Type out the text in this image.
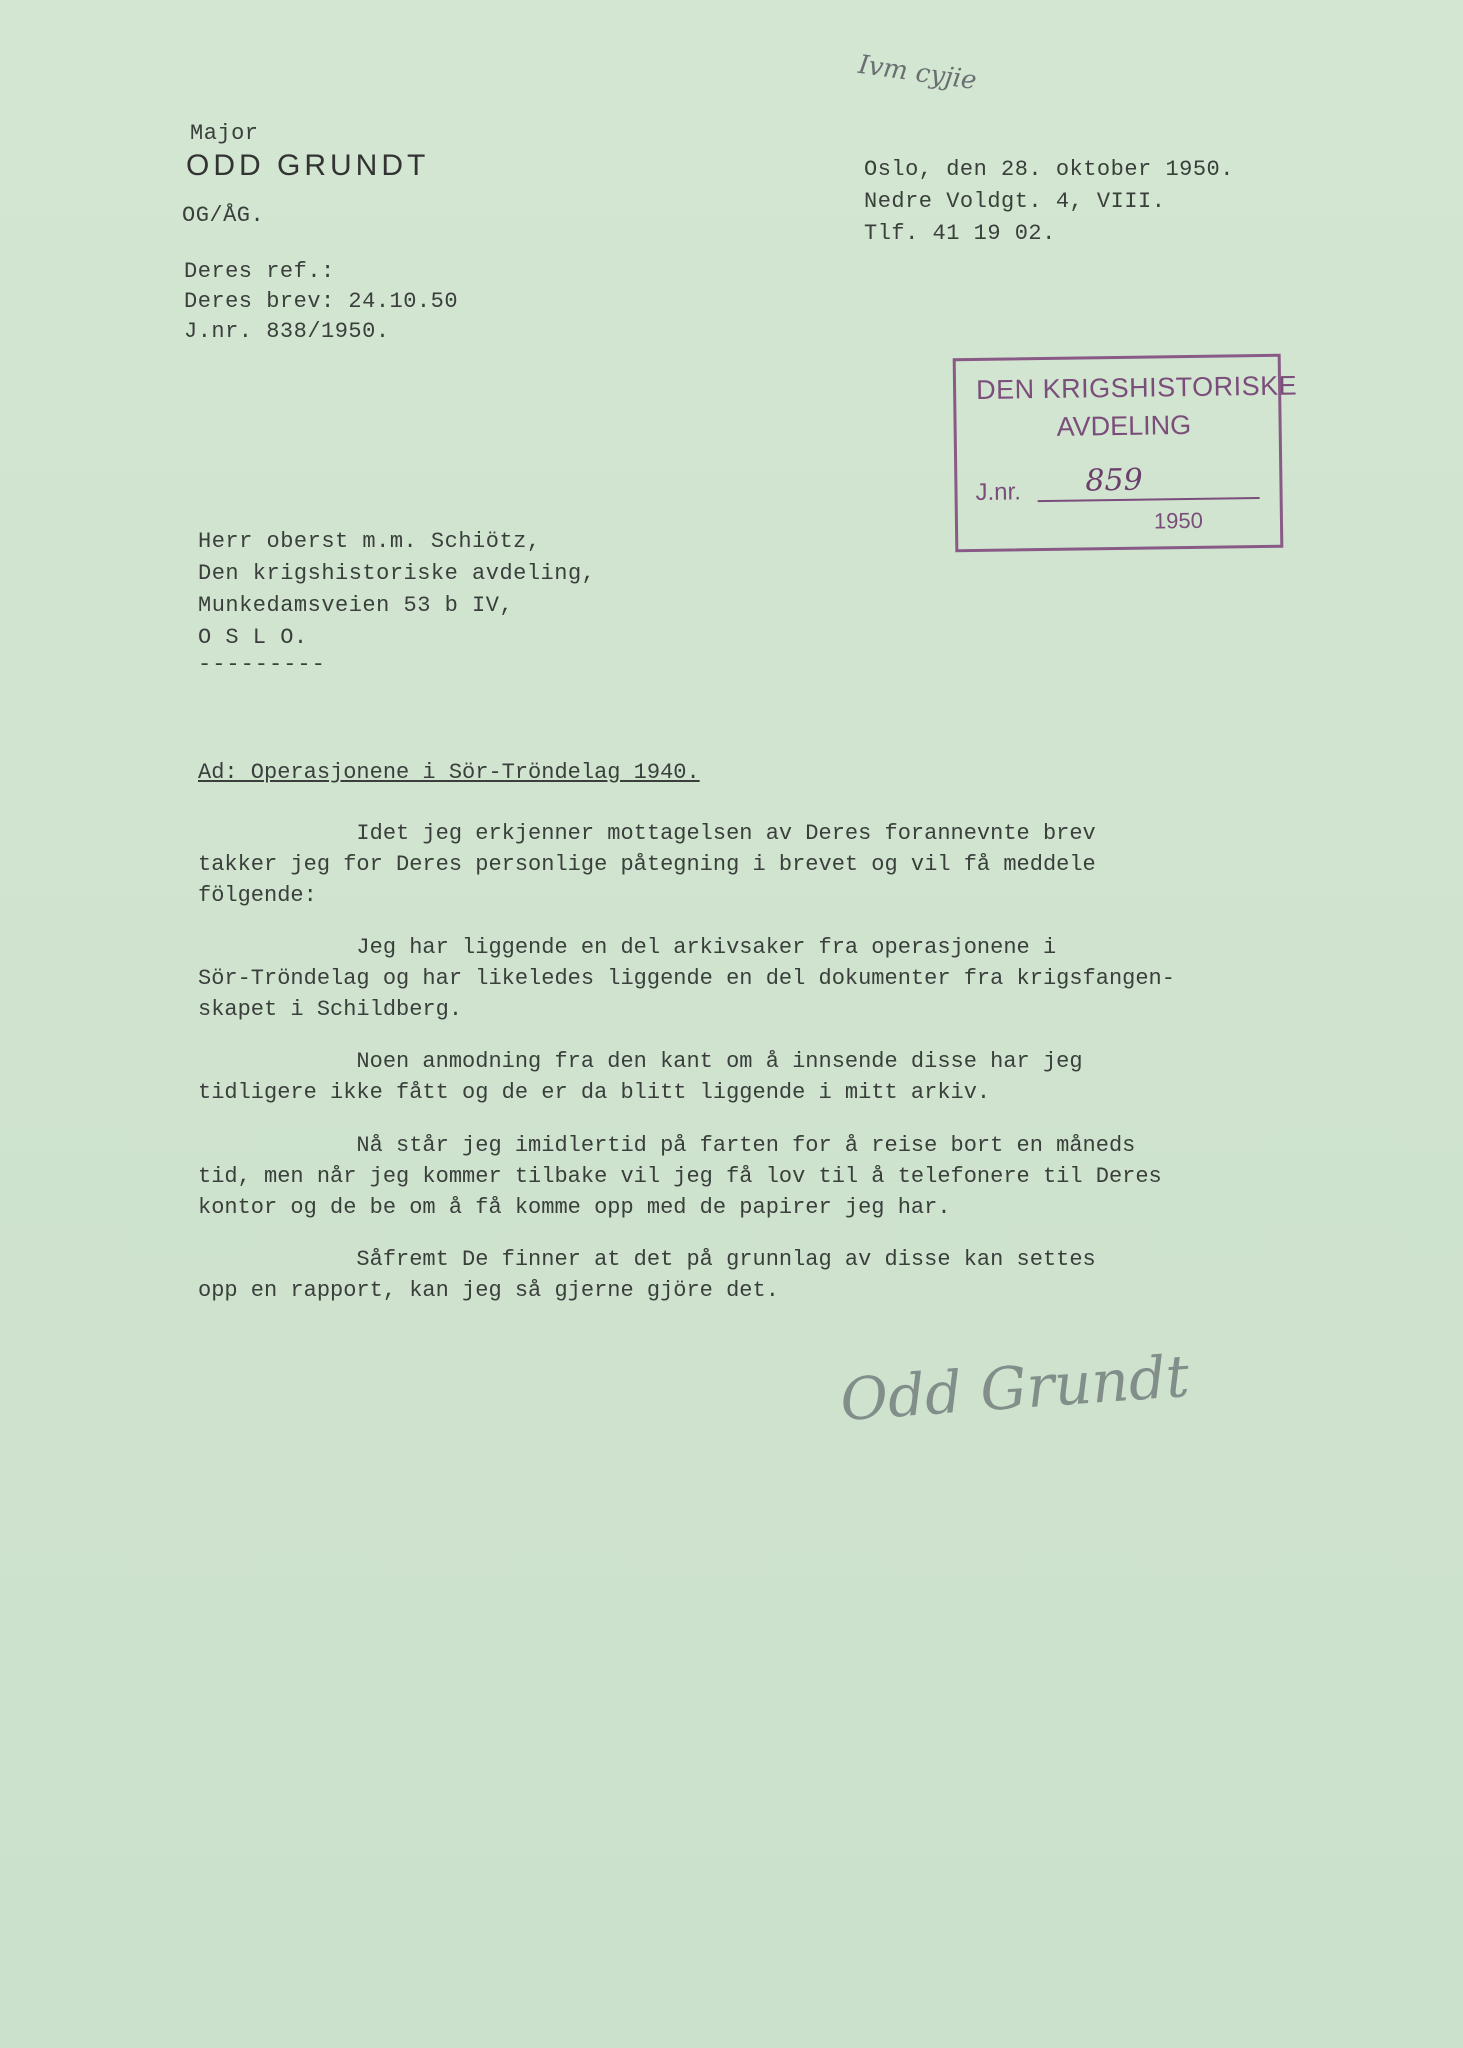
Ivm cyjie
Major
ODD GRUNDT
OG/ÅG.
Oslo, den 28. oktober 1950.
Nedre Voldgt. 4, VIII.
Tlf. 41 19 02.
Deres ref.:
Deres brev: 24.10.50
J.nr. 838/1950.
DEN KRIGSHISTORISKE
AVDELING
J.nr. 859
1950
Herr oberst m.m. Schiötz,
Den krigshistoriske avdeling,
Munkedamsveien 53 b IV,
O S L O.
---------
Ad: Operasjonene i Sör-Tröndelag 1940.
Idet jeg erkjenner mottagelsen av Deres forannevnte brev
takker jeg for Deres personlige påtegning i brevet og vil få meddele
fölgende:
Jeg har liggende en del arkivsaker fra operasjonene i
Sör-Tröndelag og har likeledes liggende en del dokumenter fra krigsfangen-
skapet i Schildberg.
Noen anmodning fra den kant om å innsende disse har jeg
tidligere ikke fått og de er da blitt liggende i mitt arkiv.
Nå står jeg imidlertid på farten for å reise bort en måneds
tid, men når jeg kommer tilbake vil jeg få lov til å telefonere til Deres
kontor og de be om å få komme opp med de papirer jeg har.
Såfremt De finner at det på grunnlag av disse kan settes
opp en rapport, kan jeg så gjerne gjöre det.
Odd Grundt
